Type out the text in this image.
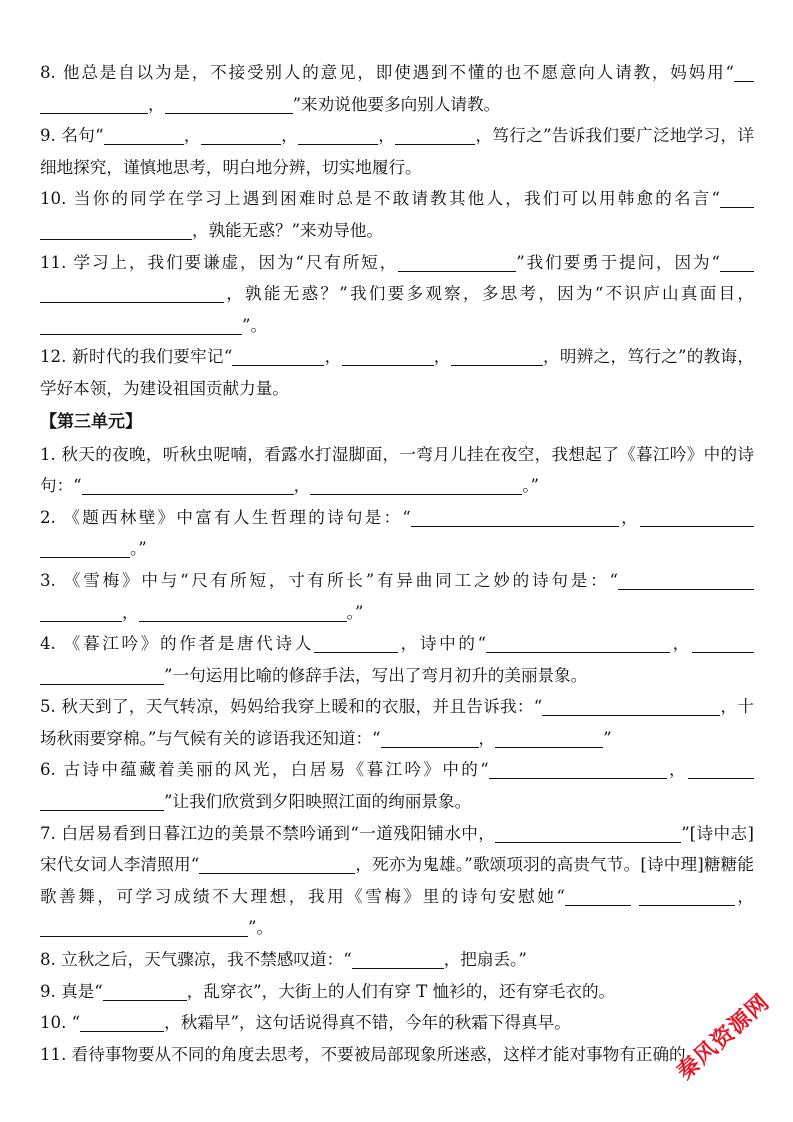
8. 他总是自以为是，不接受别人的意见，即使遇到不懂的也不愿意向人请教，妈妈用“ ，	”来劝说他要多向别人请教。
9. 名句“	，	，	，	，笃行之”告诉我们要广泛地学习，详细地探究，谨慎地思考，明白地分辨，切实地履行。
10. 当你的同学在学习上遇到困难时总是不敢请教其他人，我们可以用韩愈的名言“ ，孰能无惑？”来劝导他。
11. 学习上，我们要谦虚，因为“尺有所短，	”我们要勇于提问，因为“ ，孰能无惑？”我们要多观察，多思考，因为“不识庐山真面目，”。
12. 新时代的我们要牢记“	，	，	，明辨之，笃行之”的教诲，学好本领，为建设祖国贡献力量。
【第三单元】
1. 秋天的夜晚，听秋虫呢喃，看露水打湿脚面，一弯月儿挂在夜空，我想起了《暮江吟》中的诗句：“	，	。”
2. 《题西林壁》中富有人生哲理的诗句是：“	， 。”
3. 《雪梅》中与“尺有所短，寸有所长”有异曲同工之妙的诗句是：“ ，	。”
4. 《暮江吟》的作者是唐代诗人	，诗中的“	， ”一句运用比喻的修辞手法，写出了弯月初升的美丽景象。
5. 秋天到了，天气转凉，妈妈给我穿上暖和的衣服，并且告诉我：“	，十场秋雨要穿棉。”与气候有关的谚语我还知道：“	，	”
6. 古诗中蕴藏着美丽的风光，白居易《暮江吟》中的“	， ”让我们欣赏到夕阳映照江面的绚丽景象。
7. 白居易看到日暮江边的美景不禁吟诵到“一道残阳铺水中，	”[诗中志]宋代女词人李清照用“	，死亦为鬼雄。”歌颂项羽的高贵气节。[诗中理]糖糖能歌善舞，可学习成绩不大理想，我用《雪梅》里的诗句安慰她“	，”。
8. 立秋之后，天气骤凉，我不禁感叹道：“	，把扇丢。”
9. 真是“	，乱穿衣”，大街上的人们有穿 T 恤衫的，还有穿毛衣的。
10. “	，秋霜早”，这句话说得真不错，今年的秋霜下得真早。
11. 看待事物要从不同的角度去思考，不要被局部现象所迷惑，这样才能对事物有正确的
秦风资源网
